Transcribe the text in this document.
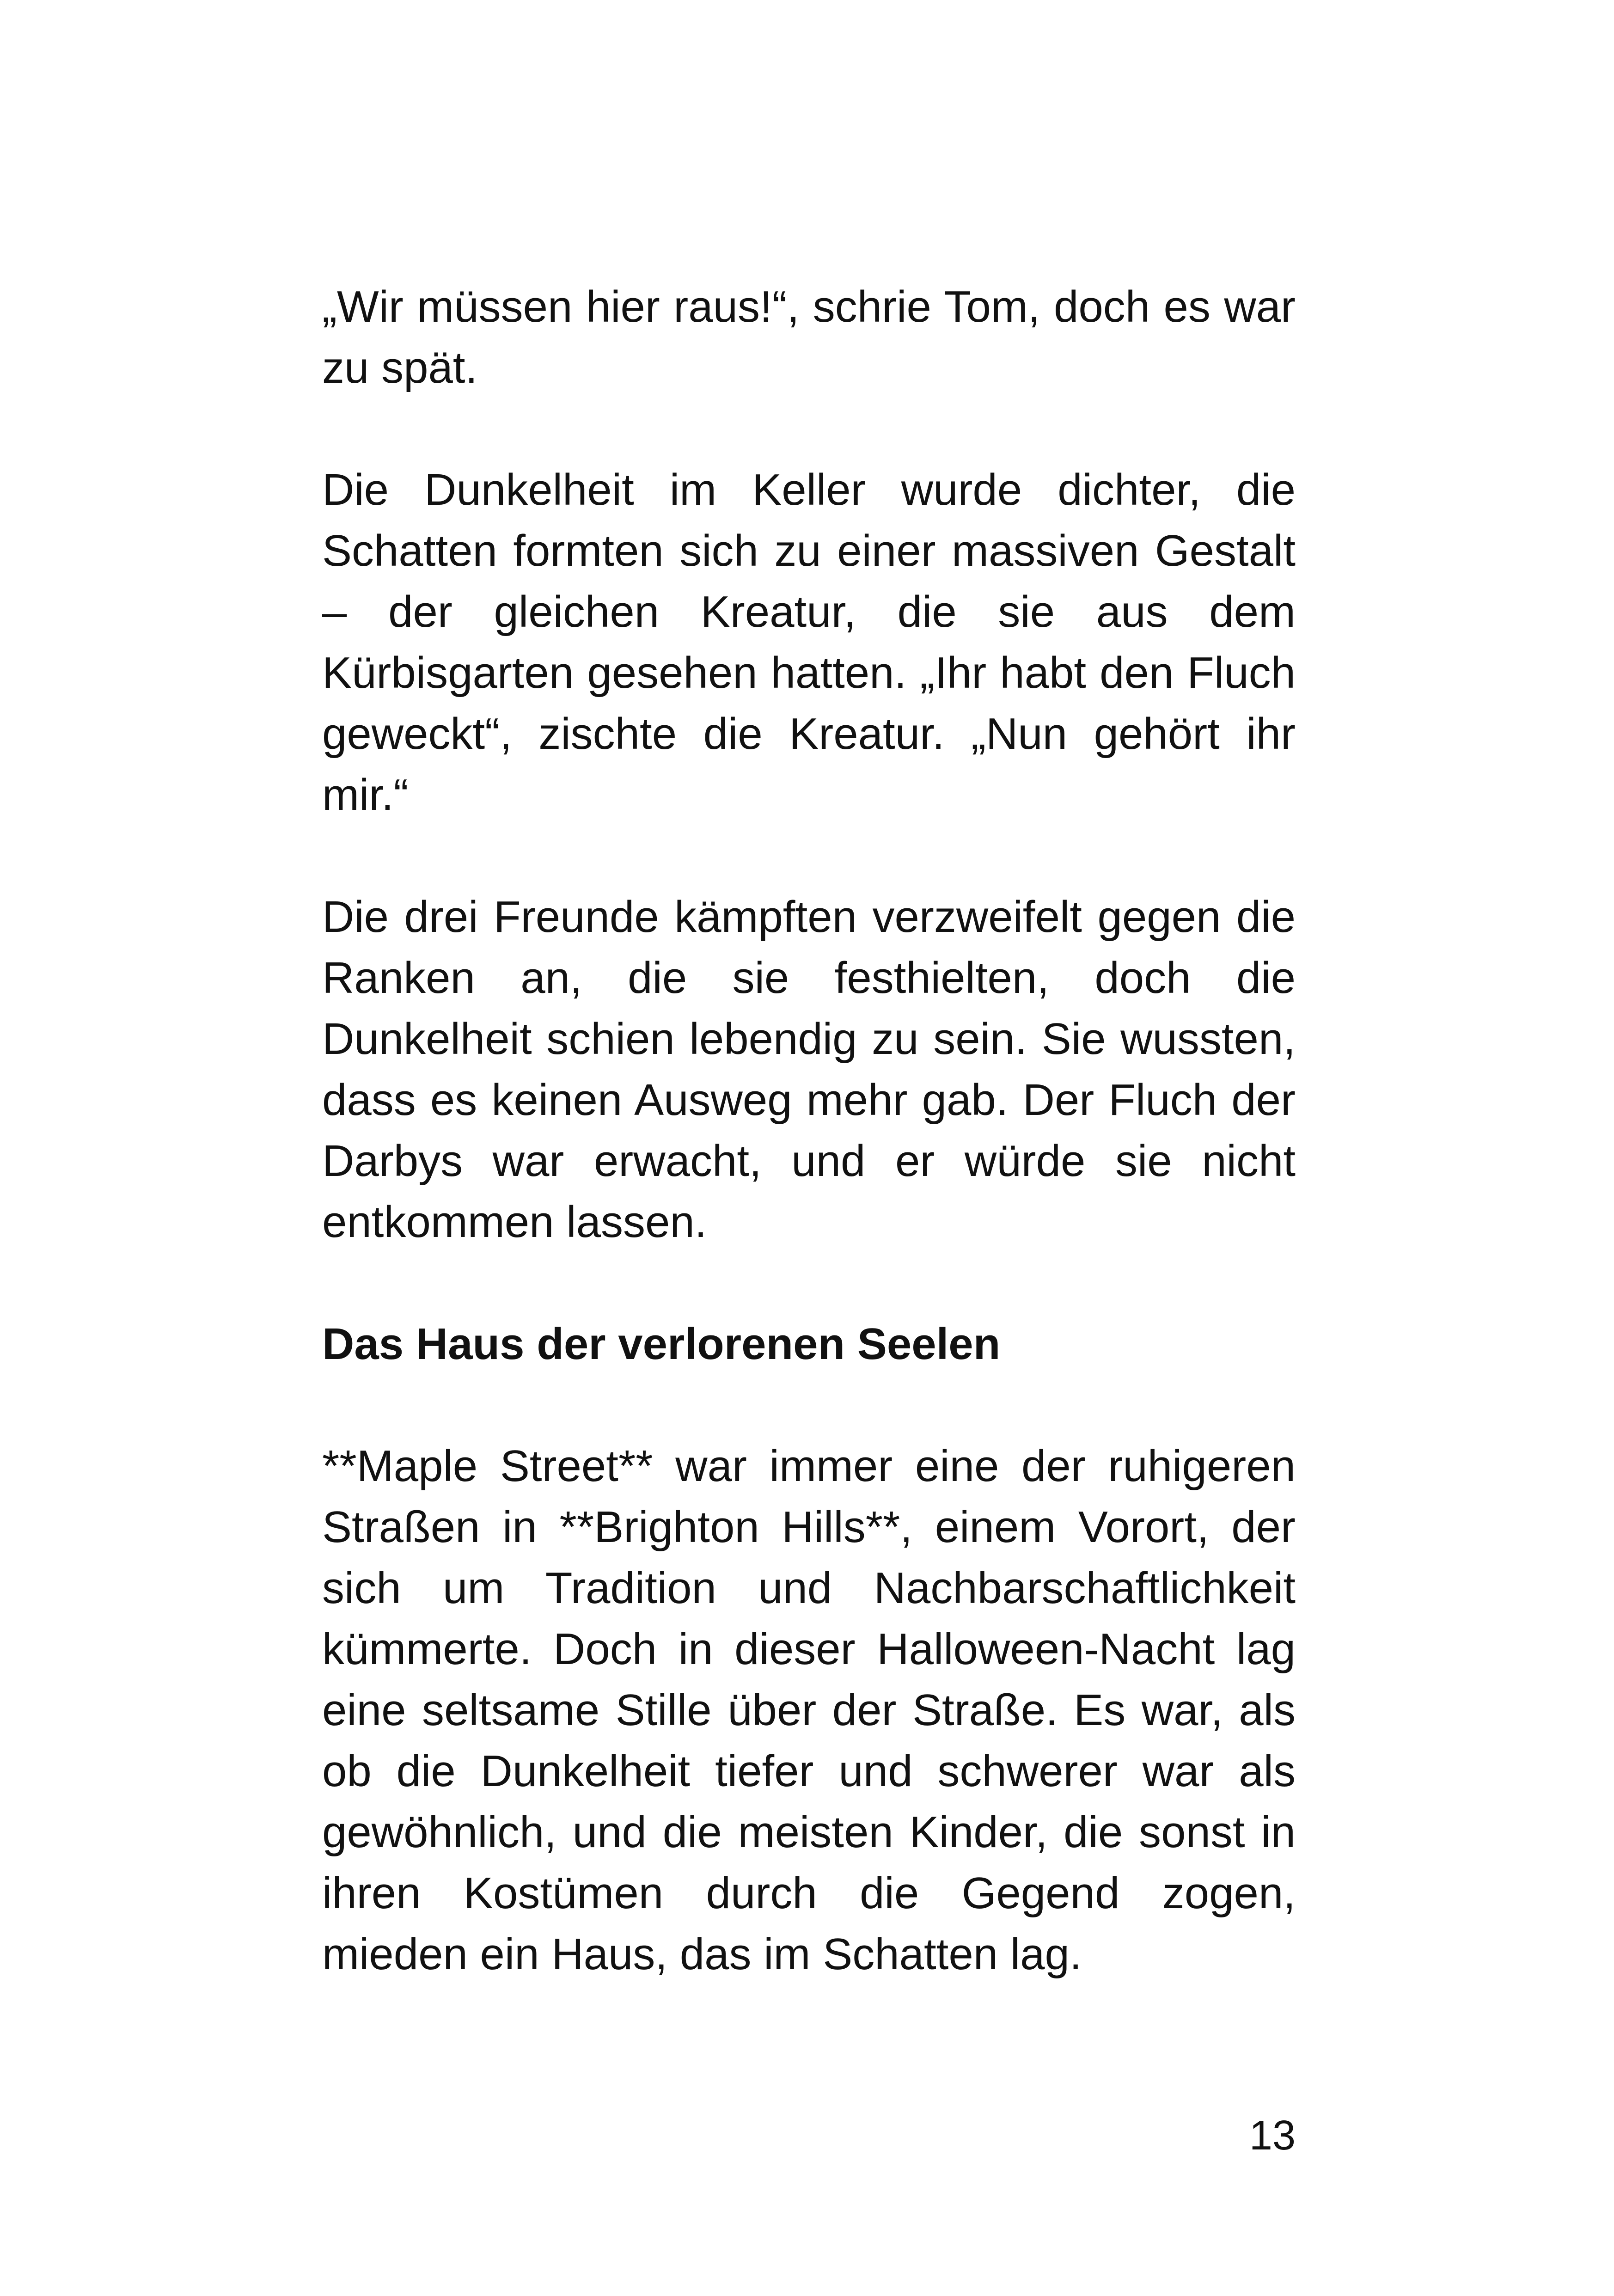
„Wir müssen hier raus!“, schrie Tom, doch es war zu spät.

Die Dunkelheit im Keller wurde dichter, die Schatten formten sich zu einer massiven Gestalt – der gleichen Kreatur, die sie aus dem Kürbisgarten gesehen hatten. „Ihr habt den Fluch geweckt“, zischte die Kreatur. „Nun gehört ihr mir.“

Die drei Freunde kämpften verzweifelt gegen die Ranken an, die sie festhielten, doch die Dunkelheit schien lebendig zu sein. Sie wussten, dass es keinen Ausweg mehr gab. Der Fluch der Darbys war erwacht, und er würde sie nicht entkommen lassen.

Das Haus der verlorenen Seelen

**Maple Street** war immer eine der ruhigeren Straßen in **Brighton Hills**, einem Vorort, der sich um Tradition und Nachbarschaftlichkeit kümmerte. Doch in dieser Halloween-Nacht lag eine seltsame Stille über der Straße. Es war, als ob die Dunkelheit tiefer und schwerer war als gewöhnlich, und die meisten Kinder, die sonst in ihren Kostümen durch die Gegend zogen, mieden ein Haus, das im Schatten lag.

13
